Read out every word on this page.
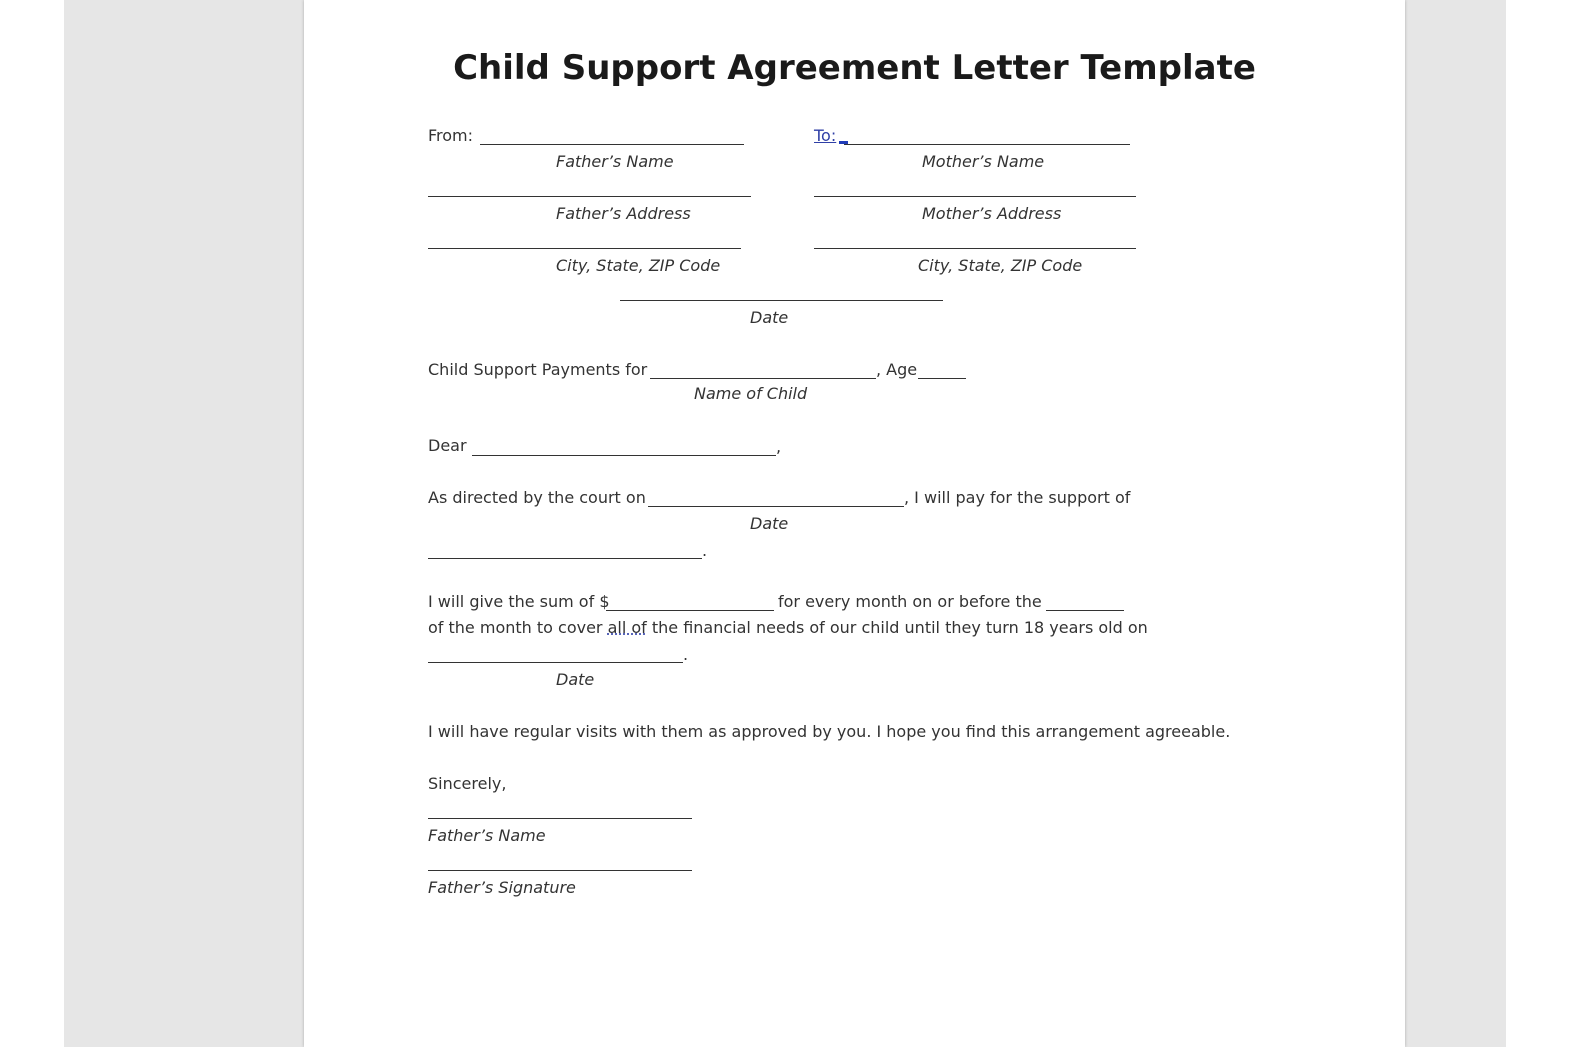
Child Support Agreement Letter Template
From:	To:
Father’s Name	Mother’s Name
Father’s Address	Mother’s Address
City, State, ZIP Code	City, State, ZIP Code
Date
Child Support Payments for	, Age
Name of Child
Dear	,
As directed by the court on	, I will pay for the support of
Date
.
I will give the sum of $	for every month on or before the
of the month to cover all of the financial needs of our child until they turn 18 years old on
.
Date
I will have regular visits with them as approved by you. I hope you find this arrangement agreeable.
Sincerely,
Father’s Name
Father’s Signature
